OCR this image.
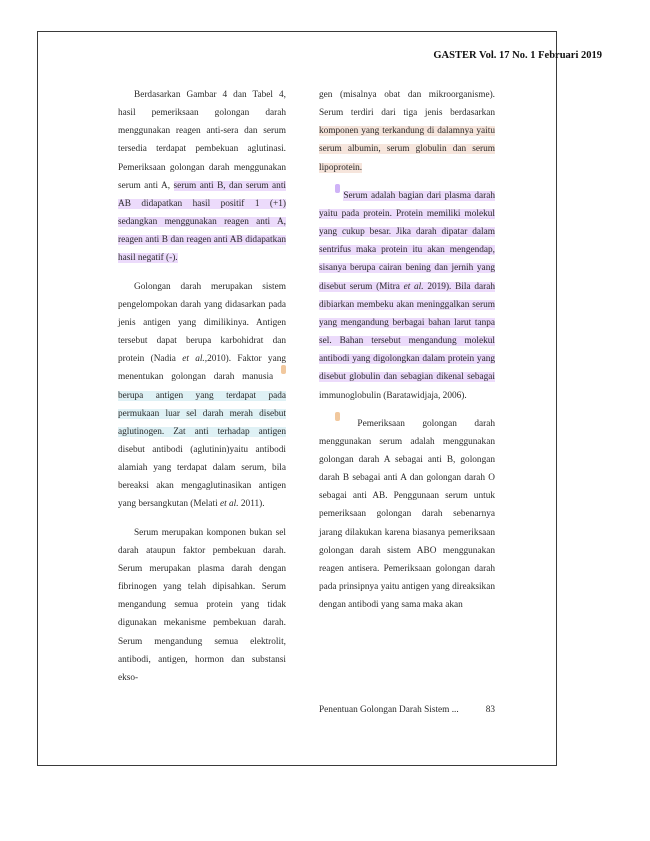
GASTER Vol. 17 No. 1 Februari 2019

Berdasarkan Gambar 4 dan Tabel 4, hasil pemeriksaan golongan darah menggunakan reagen anti-sera dan serum tersedia terdapat pembekuan aglutinasi. Pemeriksaan golongan darah menggunakan serum anti A, serum anti B, dan serum anti AB didapatkan hasil positif 1 (+1) sedangkan menggunakan reagen anti A, reagen anti B dan reagen anti AB didapatkan hasil negatif (-).

Golongan darah merupakan sistem pengelompokan darah yang didasarkan pada jenis antigen yang dimilikinya. Antigen tersebut dapat berupa karbohidrat dan protein (Nadia et al.,2010). Faktor yang menentukan golongan darah manusia  berupa antigen yang terdapat pada permukaan luar sel darah merah disebut aglutinogen. Zat anti terhadap antigen disebut antibodi (aglutinin)yaitu antibodi alamiah yang terdapat dalam serum, bila bereaksi akan mengaglutinasikan antigen yang bersangkutan (Melati et al. 2011).

Serum merupakan komponen bukan sel darah ataupun faktor pembekuan darah. Serum merupakan plasma darah dengan fibrinogen yang telah dipisahkan. Serum mengandung semua protein yang tidak digunakan mekanisme pembekuan darah. Serum mengandung semua elektrolit, antibodi, antigen, hormon dan substansi ekso-

gen (misalnya obat dan mikroorganisme). Serum terdiri dari tiga jenis berdasarkan komponen yang terkandung di dalamnya yaitu serum albumin, serum globulin dan serum lipoprotein.

Serum adalah bagian dari plasma darah yaitu pada protein. Protein memiliki molekul yang cukup besar. Jika darah dipatar dalam sentrifus maka protein itu akan mengendap, sisanya berupa cairan bening dan jernih yang disebut serum (Mitra et al. 2019). Bila darah dibiarkan membeku akan meninggalkan serum yang mengandung berbagai bahan larut tanpa sel. Bahan tersebut mengandung molekul antibodi yang digolongkan dalam protein yang disebut globulin dan sebagian dikenal sebagai immunoglobulin (Baratawidjaja, 2006).

Pemeriksaan golongan darah menggunakan serum adalah menggunakan golongan darah A sebagai anti B, golongan darah B sebagai anti A dan golongan darah O sebagai anti AB. Penggunaan serum untuk pemeriksaan golongan darah sebenarnya jarang dilakukan karena biasanya pemeriksaan golongan darah sistem ABO menggunakan reagen antisera. Pemeriksaan golongan darah pada prinsipnya yaitu antigen yang direaksikan dengan antibodi yang sama maka akan

Penentuan Golongan Darah Sistem ...	83
